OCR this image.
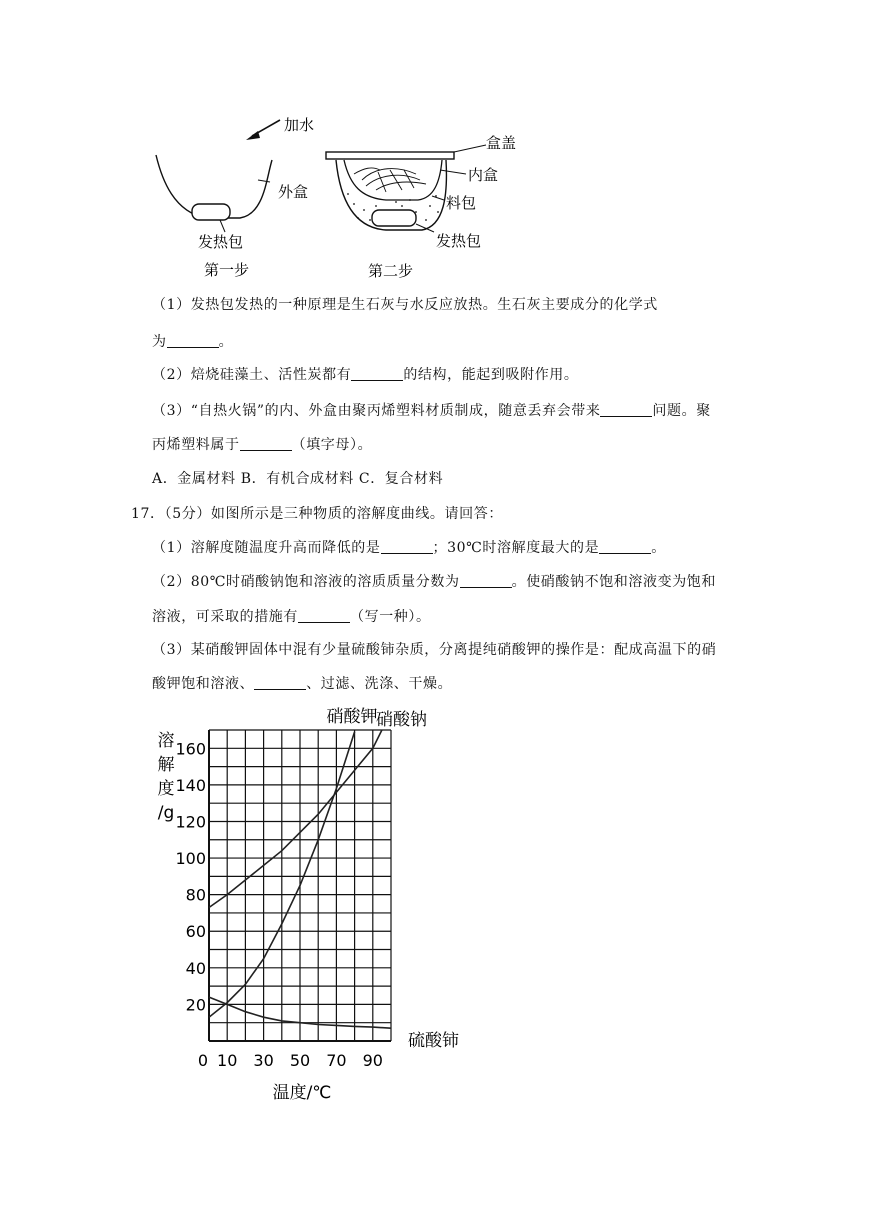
加水
外盒
发热包
第一步
盒盖
内盒
料包
发热包
第二步
（1）发热包发热的一种原理是生石灰与水反应放热。生石灰主要成分的化学式
为	。
（2）焙烧硅藻土、活性炭都有	的结构，能起到吸附作用。
（3）“自热火锅”的内、外盒由聚丙烯塑料材质制成，随意丢弃会带来	问题。聚
丙烯塑料属于	（填字母）。
A．金属材料 B．有机合成材料 C．复合材料
17．（5分）如图所示是三种物质的溶解度曲线。请回答：
（1）溶解度随温度升高而降低的是	；30℃时溶解度最大的是	。
（2）80℃时硝酸钠饱和溶液的溶质质量分数为	。使硝酸钠不饱和溶液变为饱和
溶液，可采取的措施有	（写一种）。
（3）某硝酸钾固体中混有少量硫酸铈杂质，分离提纯硝酸钾的操作是：配成高温下的硝
酸钾饱和溶液、	、过滤、洗涤、干燥。
20
40
60
80
100
120
140
160
0 10 30 50 70 90
溶
解
度
/g
硝酸钾
硝酸钠
硫酸铈
温度/℃
